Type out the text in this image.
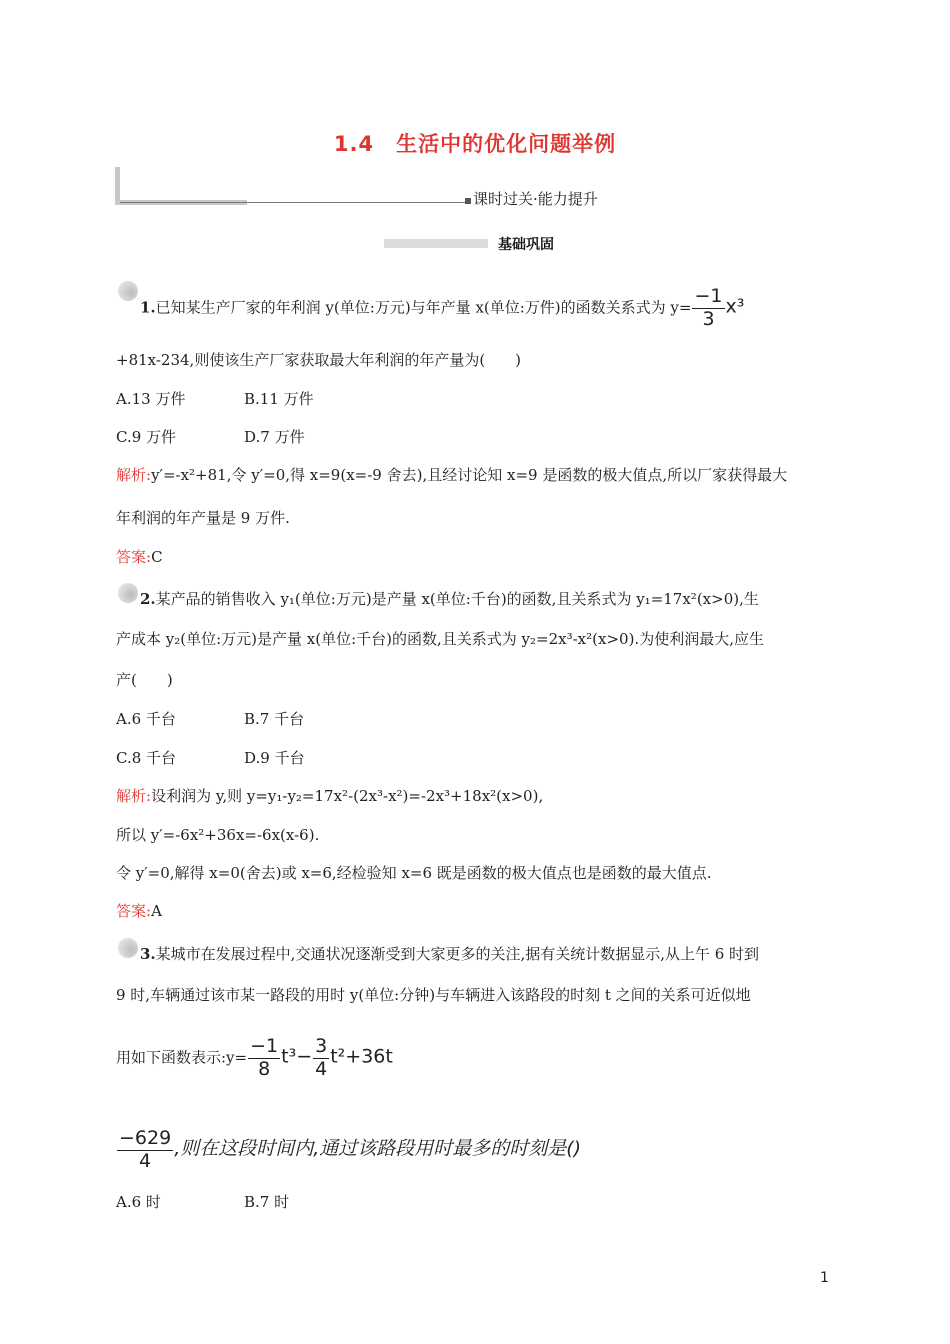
1.4　生活中的优化问题举例
课时过关·能力提升
基础巩固
1.已知某生产厂家的年利润 y(单位:万元)与年产量 x(单位:万件)的函数关系式为 $y= \frac{-1}{3} x^3$
+81x-234,则使该生产厂家获取最大年利润的年产量为(　　)
A.13 万件	B.11 万件
C.9 万件	D.7 万件
解析:y′=-x²+81,令 y′=0,得 x=9(x=-9 舍去),且经讨论知 x=9 是函数的极大值点,所以厂家获得最大
年利润的年产量是 9 万件.
答案:C
2.某产品的销售收入 y₁(单位:万元)是产量 x(单位:千台)的函数,且关系式为 y₁=17x²(x>0),生
产成本 y₂(单位:万元)是产量 x(单位:千台)的函数,且关系式为 y₂=2x³-x²(x>0).为使利润最大,应生
产(　　)
A.6 千台	B.7 千台
C.8 千台	D.9 千台
解析:设利润为 y,则 y=y₁-y₂=17x²-(2x³-x²)=-2x³+18x²(x>0),
所以 y′=-6x²+36x=-6x(x-6).
令 y′=0,解得 x=0(舍去)或 x=6,经检验知 x=6 既是函数的极大值点也是函数的最大值点.
答案:A
3.某城市在发展过程中,交通状况逐渐受到大家更多的关注,据有关统计数据显示,从上午 6 时到
9 时,车辆通过该市某一路段的用时 y(单位:分钟)与车辆进入该路段的时刻 t 之间的关系可近似地
用如下函数表示:y= $\frac{-1}{8} t^3- \frac{3}{4} t^2+36t$
$\frac{-629}{4}$ ,则在这段时间内,通过该路段用时最多的时刻是()
A.6 时	B.7 时
1
